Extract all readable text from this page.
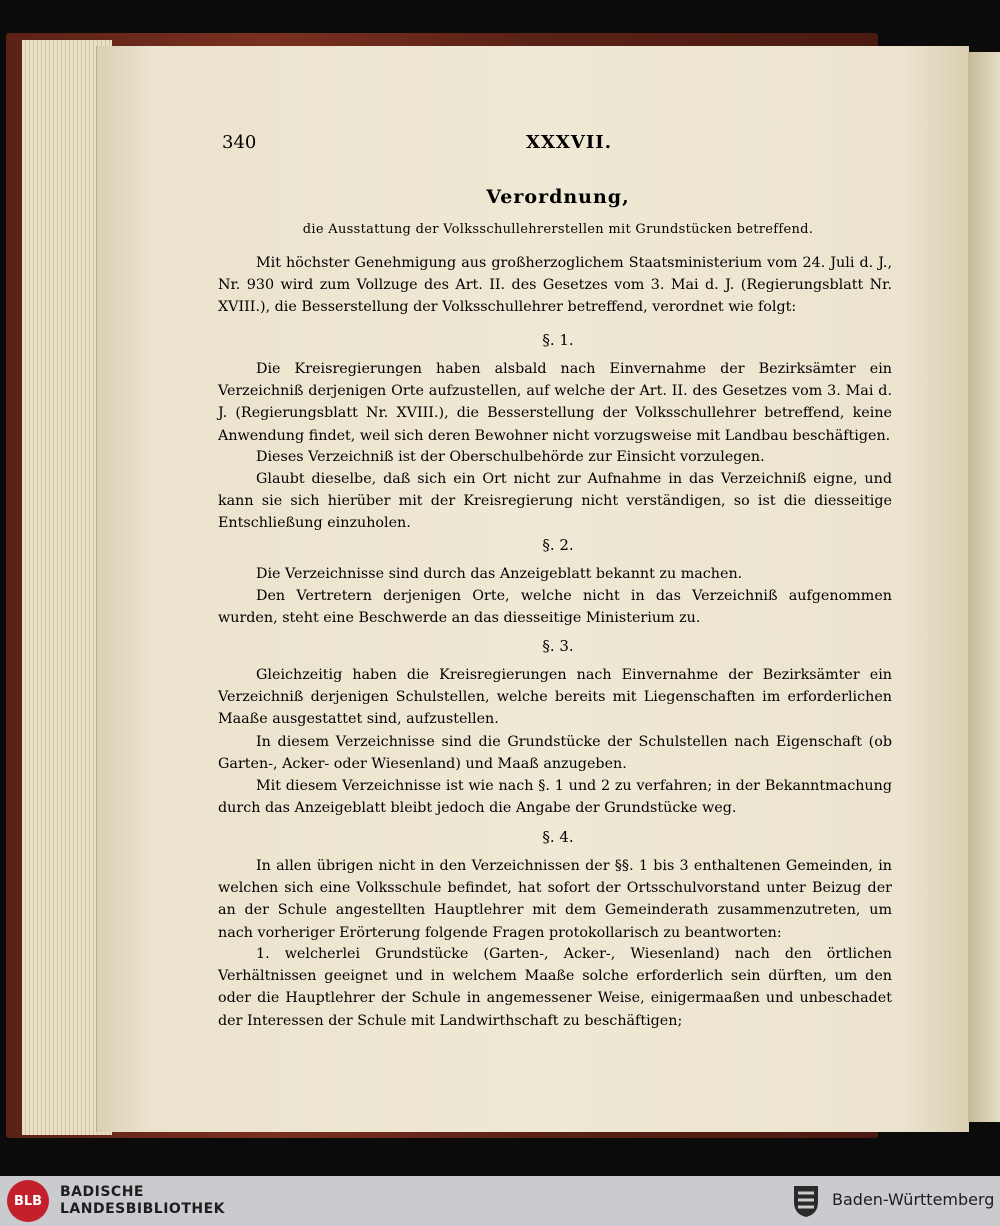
340	XXXVII.
Verordnung,
die Ausstattung der Volksschullehrerstellen mit Grundstücken betreffend.

Mit höchster Genehmigung aus großherzoglichem Staatsministerium vom 24. Juli d. J., Nr. 930 wird zum Vollzuge des Art. II. des Gesetzes vom 3. Mai d. J. (Regierungsblatt Nr. XVIII.), die Besserstellung der Volksschullehrer betreffend, verordnet wie folgt:

§. 1.

Die Kreisregierungen haben alsbald nach Einvernahme der Bezirksämter ein Verzeichniß derjenigen Orte aufzustellen, auf welche der Art. II. des Gesetzes vom 3. Mai d. J. (Regierungsblatt Nr. XVIII.), die Besserstellung der Volksschullehrer betreffend, keine Anwendung findet, weil sich deren Bewohner nicht vorzugsweise mit Landbau beschäftigen.

Dieses Verzeichniß ist der Oberschulbehörde zur Einsicht vorzulegen.

Glaubt dieselbe, daß sich ein Ort nicht zur Aufnahme in das Verzeichniß eigne, und kann sie sich hierüber mit der Kreisregierung nicht verständigen, so ist die diesseitige Entschließung einzuholen.

§. 2.

Die Verzeichnisse sind durch das Anzeigeblatt bekannt zu machen.

Den Vertretern derjenigen Orte, welche nicht in das Verzeichniß aufgenommen wurden, steht eine Beschwerde an das diesseitige Ministerium zu.

§. 3.

Gleichzeitig haben die Kreisregierungen nach Einvernahme der Bezirksämter ein Verzeichniß derjenigen Schulstellen, welche bereits mit Liegenschaften im erforderlichen Maaße ausgestattet sind, aufzustellen.

In diesem Verzeichnisse sind die Grundstücke der Schulstellen nach Eigenschaft (ob Garten-, Acker- oder Wiesenland) und Maaß anzugeben.

Mit diesem Verzeichnisse ist wie nach §. 1 und 2 zu verfahren; in der Bekanntmachung durch das Anzeigeblatt bleibt jedoch die Angabe der Grundstücke weg.

§. 4.

In allen übrigen nicht in den Verzeichnissen der §§. 1 bis 3 enthaltenen Gemeinden, in welchen sich eine Volksschule befindet, hat sofort der Ortsschulvorstand unter Beizug der an der Schule angestellten Hauptlehrer mit dem Gemeinderath zusammenzutreten, um nach vorheriger Erörterung folgende Fragen protokollarisch zu beantworten:

1. welcherlei Grundstücke (Garten-, Acker-, Wiesenland) nach den örtlichen Verhältnissen geeignet und in welchem Maaße solche erforderlich sein dürften, um den oder die Hauptlehrer der Schule in angemessener Weise, einigermaaßen und unbeschadet der Interessen der Schule mit Landwirthschaft zu beschäftigen;

BLB
BADISCHE
LANDESBIBLIOTHEK	Baden-Württemberg
